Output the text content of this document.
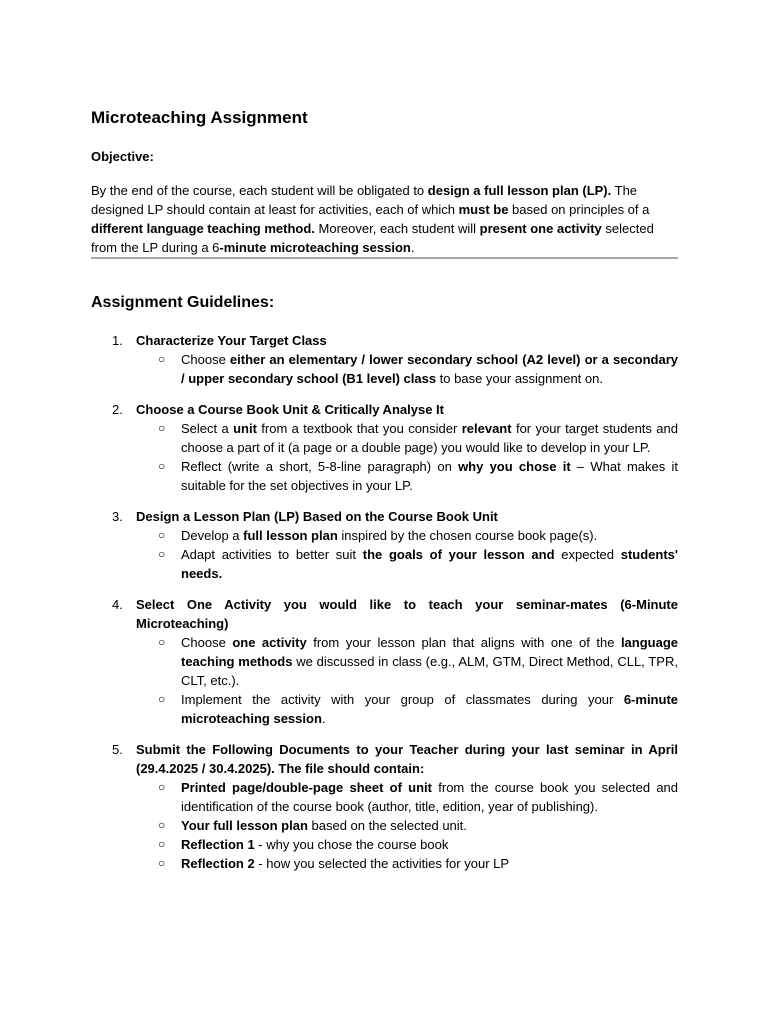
Microteaching Assignment
Objective:

By the end of the course, each student will be obligated to design a full lesson plan (LP). The designed LP should contain at least for activities, each of which must be based on principles of a different language teaching method. Moreover, each student will present one activity selected from the LP during a 6-minute microteaching session.

Assignment Guidelines:
1. Characterize Your Target Class
○ Choose either an elementary / lower secondary school (A2 level) or a secondary / upper secondary school (B1 level) class to base your assignment on.
2. Choose a Course Book Unit & Critically Analyse It
○ Select a unit from a textbook that you consider relevant for your target students and choose a part of it (a page or a double page) you would like to develop in your LP.
○ Reflect (write a short, 5-8-line paragraph) on why you chose it – What makes it suitable for the set objectives in your LP.
3. Design a Lesson Plan (LP) Based on the Course Book Unit
○ Develop a full lesson plan inspired by the chosen course book page(s).
○ Adapt activities to better suit the goals of your lesson and expected students' needs.
4. Select One Activity you would like to teach your seminar-mates (6-Minute Microteaching)
○ Choose one activity from your lesson plan that aligns with one of the language teaching methods we discussed in class (e.g., ALM, GTM, Direct Method, CLL, TPR, CLT, etc.).
○ Implement the activity with your group of classmates during your 6-minute microteaching session.
5. Submit the Following Documents to your Teacher during your last seminar in April (29.4.2025 / 30.4.2025). The file should contain:
○ Printed page/double-page sheet of unit from the course book you selected and identification of the course book (author, title, edition, year of publishing).
○ Your full lesson plan based on the selected unit.
○ Reflection 1 - why you chose the course book
○ Reflection 2 - how you selected the activities for your LP
